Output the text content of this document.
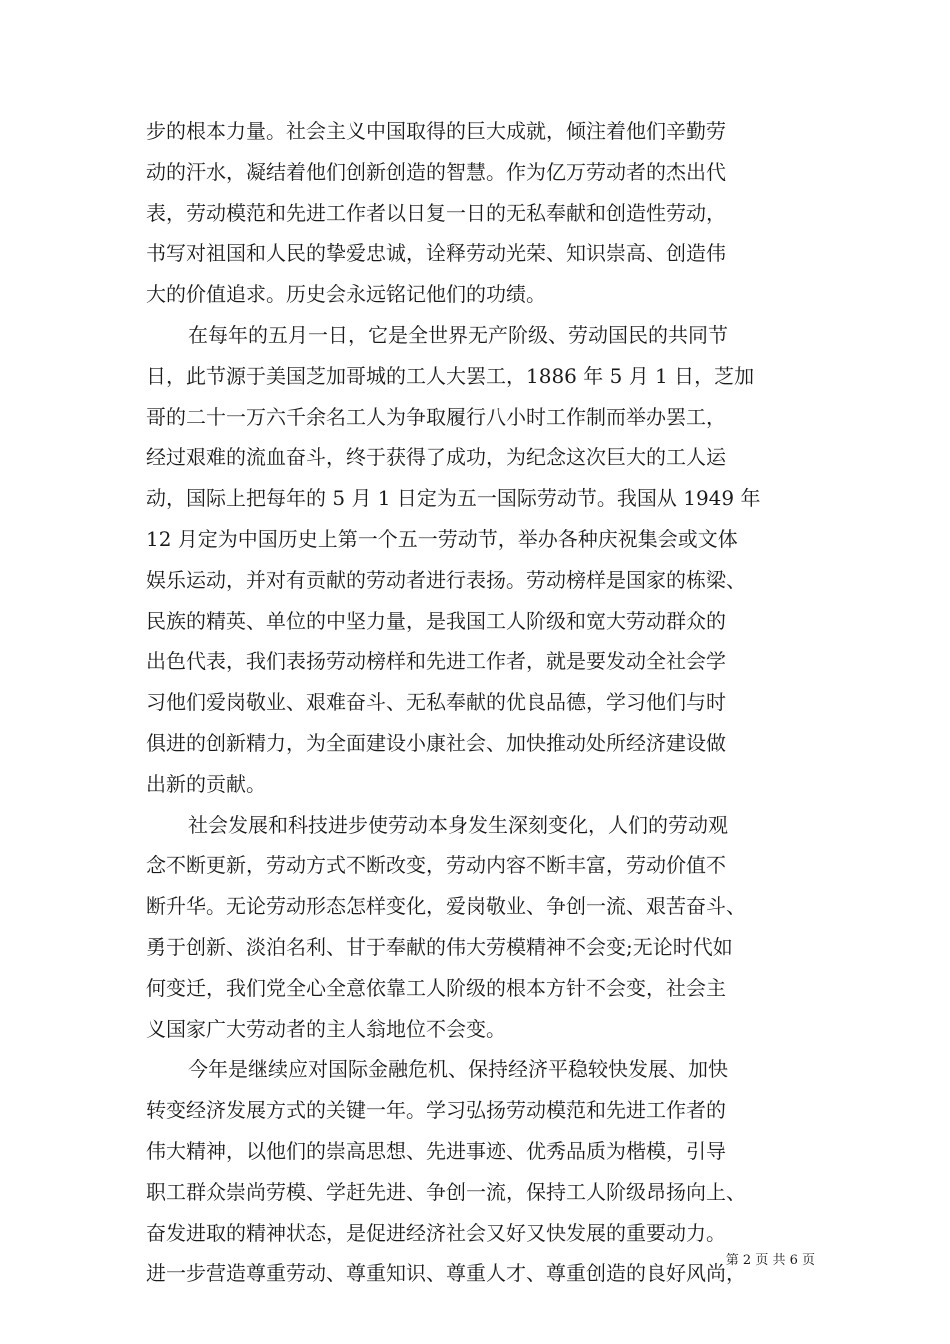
步的根本力量。社会主义中国取得的巨大成就，倾注着他们辛勤劳
动的汗水，凝结着他们创新创造的智慧。作为亿万劳动者的杰出代
表，劳动模范和先进工作者以日复一日的无私奉献和创造性劳动，
书写对祖国和人民的挚爱忠诚，诠释劳动光荣、知识崇高、创造伟
大的价值追求。历史会永远铭记他们的功绩。
在每年的五月一日，它是全世界无产阶级、劳动国民的共同节
日，此节源于美国芝加哥城的工人大罢工，1886 年 5 月 1 日，芝加
哥的二十一万六千余名工人为争取履行八小时工作制而举办罢工，
经过艰难的流血奋斗，终于获得了成功，为纪念这次巨大的工人运
动，国际上把每年的 5 月 1 日定为五一国际劳动节。我国从 1949 年
12 月定为中国历史上第一个五一劳动节，举办各种庆祝集会或文体
娱乐运动，并对有贡献的劳动者进行表扬。劳动榜样是国家的栋梁、
民族的精英、单位的中坚力量，是我国工人阶级和宽大劳动群众的
出色代表，我们表扬劳动榜样和先进工作者，就是要发动全社会学
习他们爱岗敬业、艰难奋斗、无私奉献的优良品德，学习他们与时
俱进的创新精力，为全面建设小康社会、加快推动处所经济建设做
出新的贡献。
社会发展和科技进步使劳动本身发生深刻变化，人们的劳动观
念不断更新，劳动方式不断改变，劳动内容不断丰富，劳动价值不
断升华。无论劳动形态怎样变化，爱岗敬业、争创一流、艰苦奋斗、
勇于创新、淡泊名利、甘于奉献的伟大劳模精神不会变;无论时代如
何变迁，我们党全心全意依靠工人阶级的根本方针不会变，社会主
义国家广大劳动者的主人翁地位不会变。
今年是继续应对国际金融危机、保持经济平稳较快发展、加快
转变经济发展方式的关键一年。学习弘扬劳动模范和先进工作者的
伟大精神，以他们的崇高思想、先进事迹、优秀品质为楷模，引导
职工群众崇尚劳模、学赶先进、争创一流，保持工人阶级昂扬向上、
奋发进取的精神状态，是促进经济社会又好又快发展的重要动力。
进一步营造尊重劳动、尊重知识、尊重人才、尊重创造的良好风尚，
第 2 页 共 6 页
